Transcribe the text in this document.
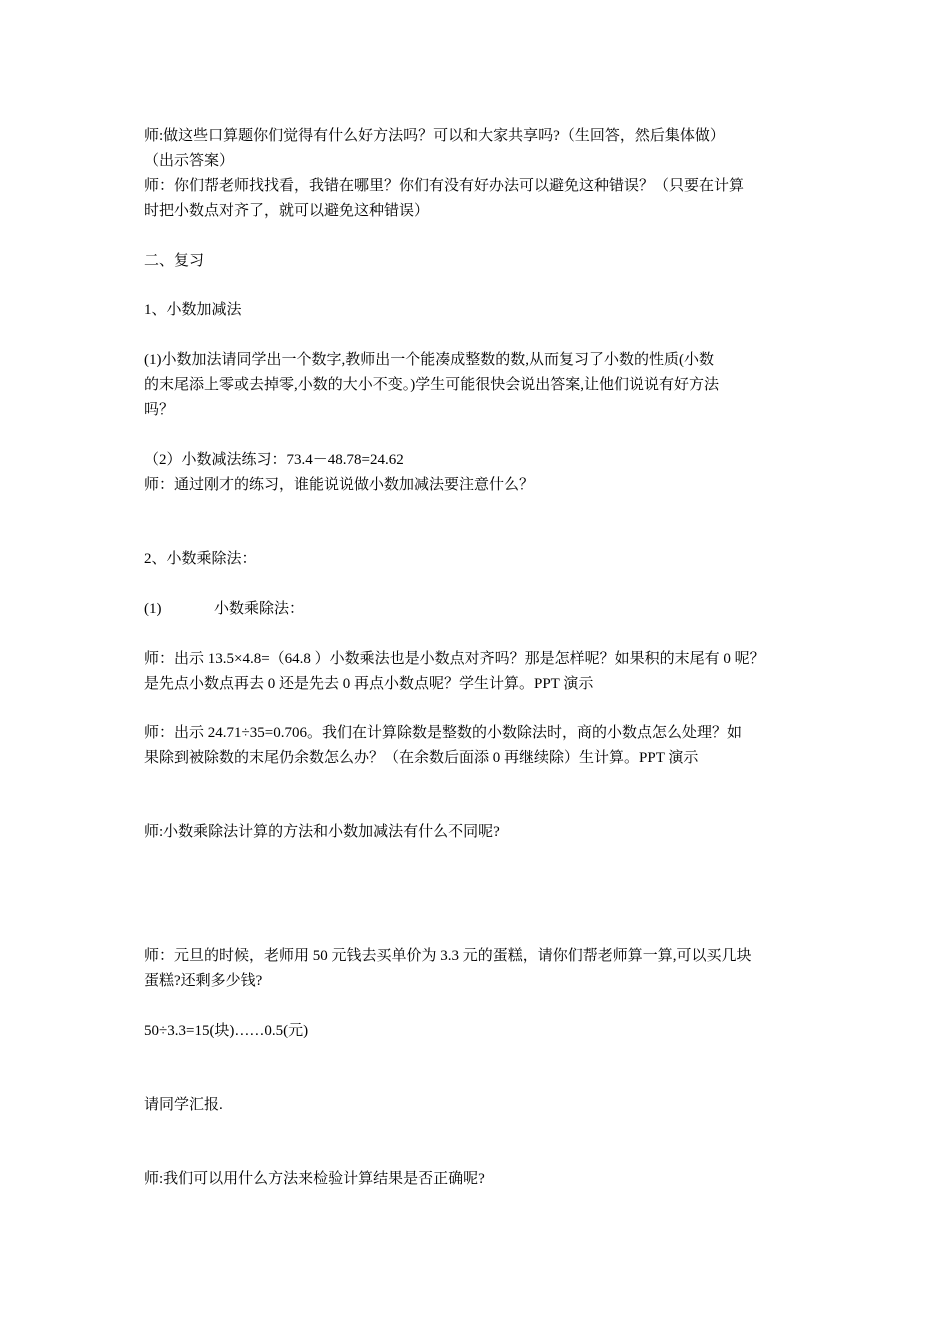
师:做这些口算题你们觉得有什么好方法吗？可以和大家共享吗?（生回答，然后集体做）
（出示答案）
师：你们帮老师找找看，我错在哪里？你们有没有好办法可以避免这种错误？（只要在计算
时把小数点对齐了，就可以避免这种错误）
二、复习
1、小数加减法
(1)小数加法请同学出一个数字,教师出一个能凑成整数的数,从而复习了小数的性质(小数
的末尾添上零或去掉零,小数的大小不变。)学生可能很快会说出答案,让他们说说有好方法
吗？
（2）小数减法练习：73.4－48.78=24.62
师：通过刚才的练习，谁能说说做小数加减法要注意什么？
2、小数乘除法：
(1)	小数乘除法：
师：出示 13.5×4.8=（64.8 ）小数乘法也是小数点对齐吗？那是怎样呢？如果积的末尾有 0 呢？
是先点小数点再去 0 还是先去 0 再点小数点呢？学生计算。PPT 演示
师：出示 24.71÷35=0.706。我们在计算除数是整数的小数除法时，商的小数点怎么处理？如
果除到被除数的末尾仍余数怎么办？（在余数后面添 0 再继续除）生计算。PPT 演示
师:小数乘除法计算的方法和小数加减法有什么不同呢?
师：元旦的时候，老师用 50 元钱去买单价为 3.3 元的蛋糕，请你们帮老师算一算,可以买几块
蛋糕?还剩多少钱?
50÷3.3=15(块)……0.5(元)
请同学汇报.
师:我们可以用什么方法来检验计算结果是否正确呢?
